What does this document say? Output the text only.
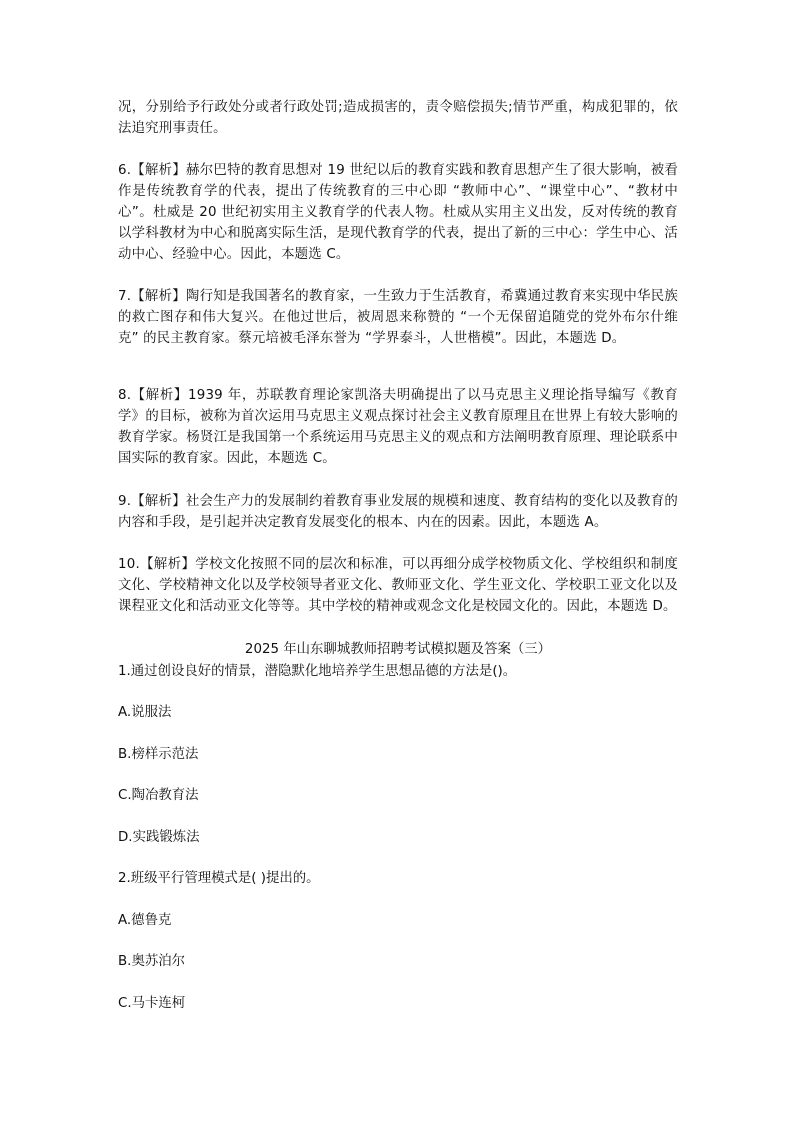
况，分别给予行政处分或者行政处罚;造成损害的，责令赔偿损失;情节严重，构成犯罪的，依法追究刑事责任。

6.【解析】赫尔巴特的教育思想对 19 世纪以后的教育实践和教育思想产生了很大影响，被看作是传统教育学的代表，提出了传统教育的三中心即 “教师中心”、“课堂中心”、“教材中心”。杜威是 20 世纪初实用主义教育学的代表人物。杜威从实用主义出发，反对传统的教育以学科教材为中心和脱离实际生活，是现代教育学的代表，提出了新的三中心：学生中心、活动中心、经验中心。因此，本题选 C。

7.【解析】陶行知是我国著名的教育家，一生致力于生活教育，希冀通过教育来实现中华民族的救亡图存和伟大复兴。在他过世后，被周恩来称赞的 “一个无保留追随党的党外布尔什维克” 的民主教育家。蔡元培被毛泽东誉为 “学界泰斗，人世楷模”。因此，本题选 D。

8.【解析】1939 年，苏联教育理论家凯洛夫明确提出了以马克思主义理论指导编写《教育学》的目标，被称为首次运用马克思主义观点探讨社会主义教育原理且在世界上有较大影响的教育学家。杨贤江是我国第一个系统运用马克思主义的观点和方法阐明教育原理、理论联系中国实际的教育家。因此，本题选 C。

9.【解析】社会生产力的发展制约着教育事业发展的规模和速度、教育结构的变化以及教育的内容和手段，是引起并决定教育发展变化的根本、内在的因素。因此，本题选 A。

10.【解析】学校文化按照不同的层次和标准，可以再细分成学校物质文化、学校组织和制度文化、学校精神文化以及学校领导者亚文化、教师亚文化、学生亚文化、学校职工亚文化以及课程亚文化和活动亚文化等等。其中学校的精神或观念文化是校园文化的。因此，本题选 D。

2025 年山东聊城教师招聘考试模拟题及答案（三）

1.通过创设良好的情景，潜隐默化地培养学生思想品德的方法是()。

A.说服法

B.榜样示范法

C.陶冶教育法

D.实践锻炼法

2.班级平行管理模式是( )提出的。

A.德鲁克

B.奥苏泊尔

C.马卡连柯
